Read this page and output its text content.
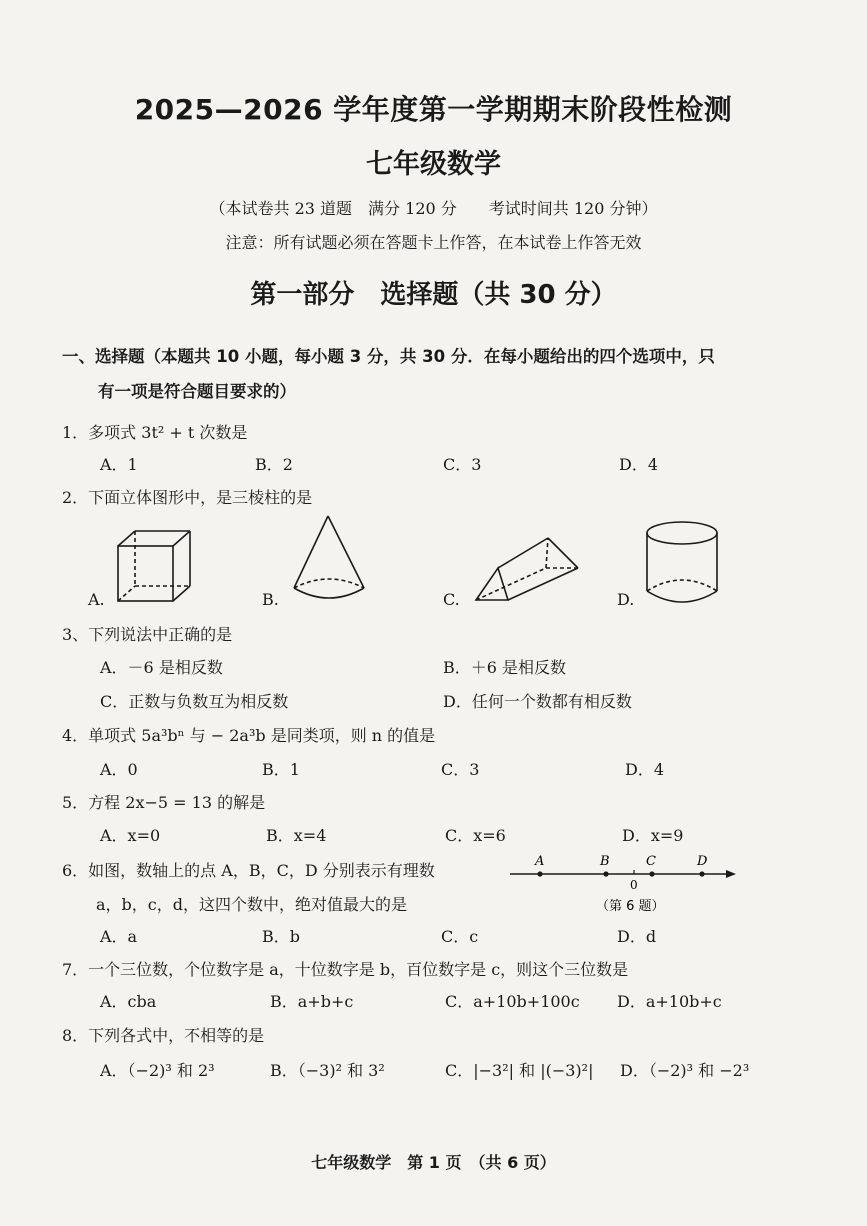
2025—2026 学年度第一学期期末阶段性检测
七年级数学
（本试卷共 23 道题　满分 120 分　　考试时间共 120 分钟）
注意：所有试题必须在答题卡上作答，在本试卷上作答无效
第一部分　选择题（共 30 分）
一、选择题（本题共 10 小题，每小题 3 分，共 30 分．在每小题给出的四个选项中，只
有一项是符合题目要求的）
1．多项式 3t² + t 次数是
A．1	B．2	C．3	D．4
2．下面立体图形中，是三棱柱的是
A.	B.	C.	D.
3、下列说法中正确的是
A．－6 是相反数	B．＋6 是相反数
C．正数与负数互为相反数	D．任何一个数都有相反数
4．单项式 5a³bⁿ 与 − 2a³b 是同类项，则 n 的值是
A．0	B．1	C．3	D．4
5．方程 2x−5 = 13 的解是
A．x=0	B．x=4	C．x=6	D．x=9
6．如图，数轴上的点 A，B，C，D 分别表示有理数
a，b，c，d，这四个数中，绝对值最大的是
A．a	B．b	C．c	D．d
A	B	C	D
0
（第 6 题）
7．一个三位数，个位数字是 a，十位数字是 b，百位数字是 c，则这个三位数是
A．cba	B．a+b+c	C．a+10b+100c D．a+10b+c
8．下列各式中，不相等的是
A．（−2)³ 和 2³	B．（−3)² 和 3²	C．|−3²| 和 |(−3)²| D．（−2)³ 和 −2³
七年级数学　第 1 页　（共 6 页）
